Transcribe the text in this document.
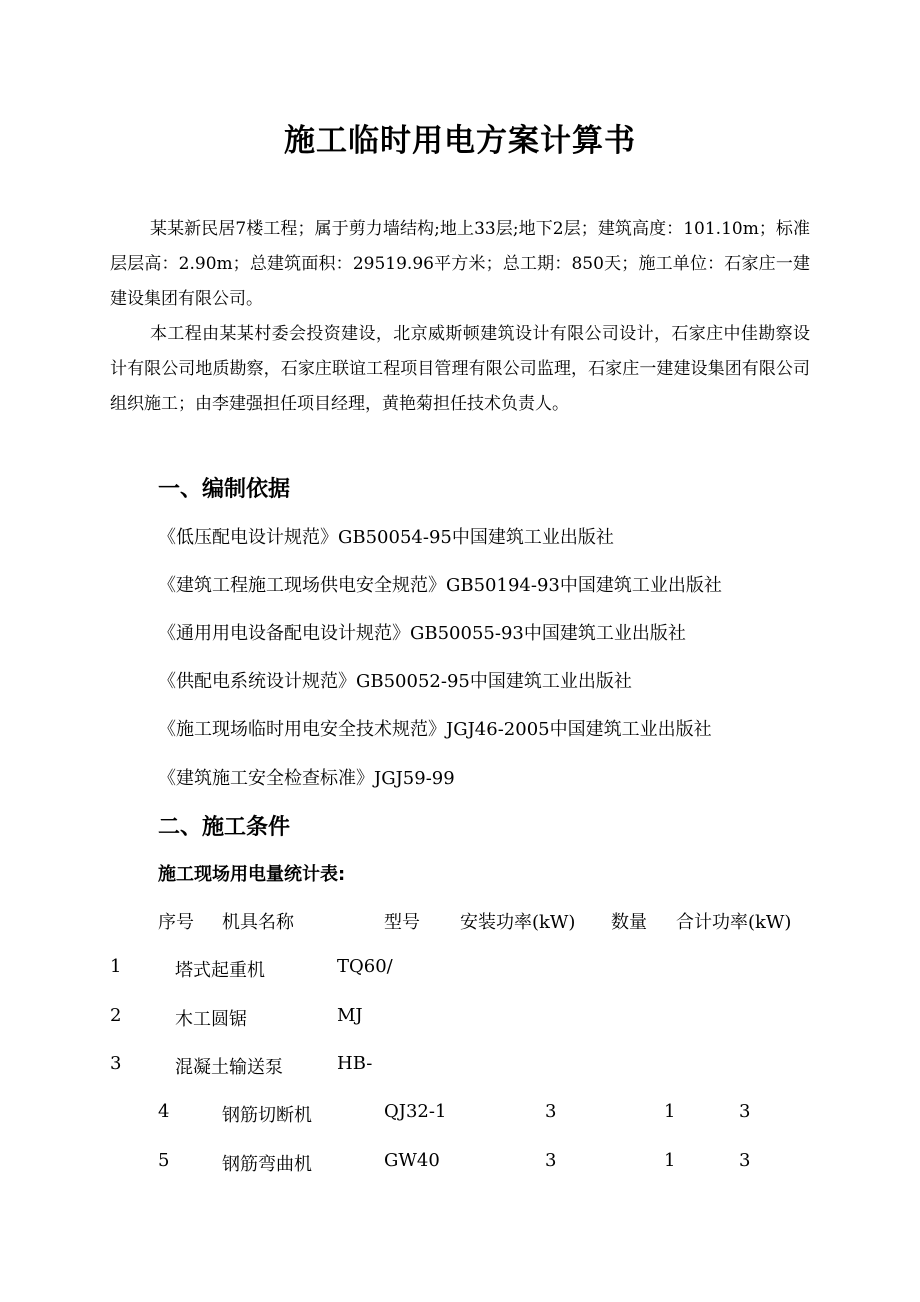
施工临时用电方案计算书

某某新民居7楼工程；属于剪力墙结构;地上33层;地下2层；建筑高度：101.10m；标准层层高：2.90m；总建筑面积：29519.96平方米；总工期：850天；施工单位：石家庄一建建设集团有限公司。

本工程由某某村委会投资建设，北京威斯顿建筑设计有限公司设计，石家庄中佳勘察设计有限公司地质勘察，石家庄联谊工程项目管理有限公司监理，石家庄一建建设集团有限公司组织施工；由李建强担任项目经理，黄艳菊担任技术负责人。

一、编制依据

《低压配电设计规范》GB50054-95中国建筑工业出版社

《建筑工程施工现场供电安全规范》GB50194-93中国建筑工业出版社

《通用用电设备配电设计规范》GB50055-93中国建筑工业出版社

《供配电系统设计规范》GB50052-95中国建筑工业出版社

《施工现场临时用电安全技术规范》JGJ46-2005中国建筑工业出版社

《建筑施工安全检查标准》JGJ59-99

二、施工条件

施工现场用电量统计表:

序号 机具名称	型号 安装功率(kW) 数量 合计功率(kW)
1	塔式起重机	TQ60/
2	木工圆锯	MJ
3	混凝土输送泵	HB-
4	钢筋切断机	QJ32-1	3	1	3
5	钢筋弯曲机	GW40	3	1	3
